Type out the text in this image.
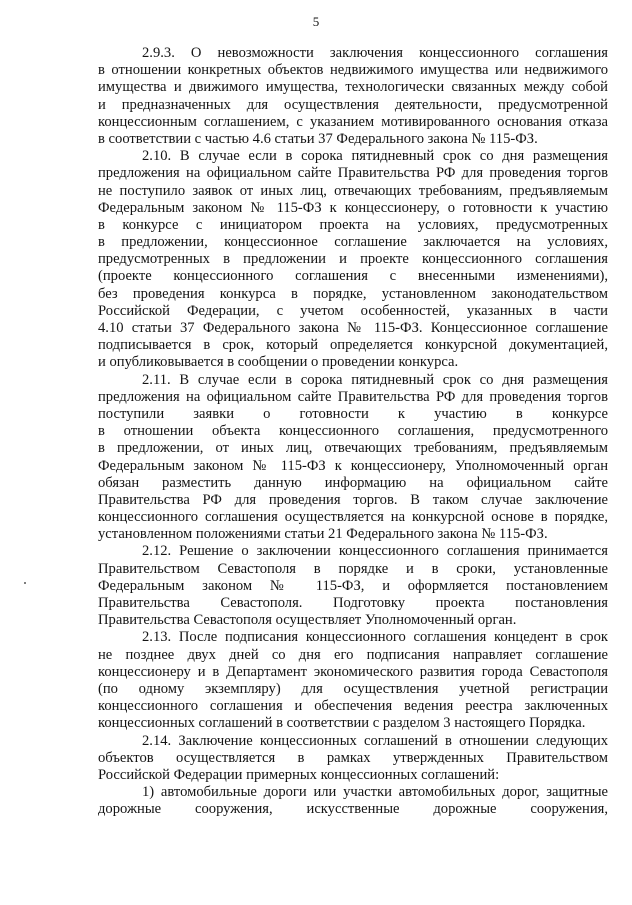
5
2.9.3. О невозможности заключения концессионного соглашения
в отношении конкретных объектов недвижимого имущества или недвижимого
имущества и движимого имущества, технологически связанных между собой
и предназначенных для осуществления деятельности, предусмотренной
концессионным соглашением, с указанием мотивированного основания отказа
в соответствии с частью 4.6 статьи 37 Федерального закона № 115-ФЗ.
2.10. В случае если в сорока пятидневный срок со дня размещения
предложения на официальном сайте Правительства РФ для проведения торгов
не поступило заявок от иных лиц, отвечающих требованиям, предъявляемым
Федеральным законом № 115-ФЗ к концессионеру, о готовности к участию
в конкурсе с инициатором проекта на условиях, предусмотренных
в предложении, концессионное соглашение заключается на условиях,
предусмотренных в предложении и проекте концессионного соглашения
(проекте концессионного соглашения с внесенными изменениями),
без проведения конкурса в порядке, установленном законодательством
Российской Федерации, с учетом особенностей, указанных в части
4.10 статьи 37 Федерального закона № 115-ФЗ. Концессионное соглашение
подписывается в срок, который определяется конкурсной документацией,
и опубликовывается в сообщении о проведении конкурса.
2.11. В случае если в сорока пятидневный срок со дня размещения
предложения на официальном сайте Правительства РФ для проведения торгов
поступили заявки о готовности к участию в конкурсе
в отношении объекта концессионного соглашения, предусмотренного
в предложении, от иных лиц, отвечающих требованиям, предъявляемым
Федеральным законом № 115-ФЗ к концессионеру, Уполномоченный орган
обязан разместить данную информацию на официальном сайте
Правительства РФ для проведения торгов. В таком случае заключение
концессионного соглашения осуществляется на конкурсной основе в порядке,
установленном положениями статьи 21 Федерального закона № 115-ФЗ.
2.12. Решение о заключении концессионного соглашения принимается
Правительством Севастополя в порядке и в сроки, установленные
Федеральным законом № 115-ФЗ, и оформляется постановлением
Правительства Севастополя. Подготовку проекта постановления
Правительства Севастополя осуществляет Уполномоченный орган.
2.13. После подписания концессионного соглашения концедент в срок
не позднее двух дней со дня его подписания направляет соглашение
концессионеру и в Департамент экономического развития города Севастополя
(по одному экземпляру) для осуществления учетной регистрации
концессионного соглашения и обеспечения ведения реестра заключенных
концессионных соглашений в соответствии с разделом 3 настоящего Порядка.
2.14. Заключение концессионных соглашений в отношении следующих
объектов осуществляется в рамках утвержденных Правительством
Российской Федерации примерных концессионных соглашений:
1) автомобильные дороги или участки автомобильных дорог, защитные
дорожные сооружения, искусственные дорожные сооружения,
